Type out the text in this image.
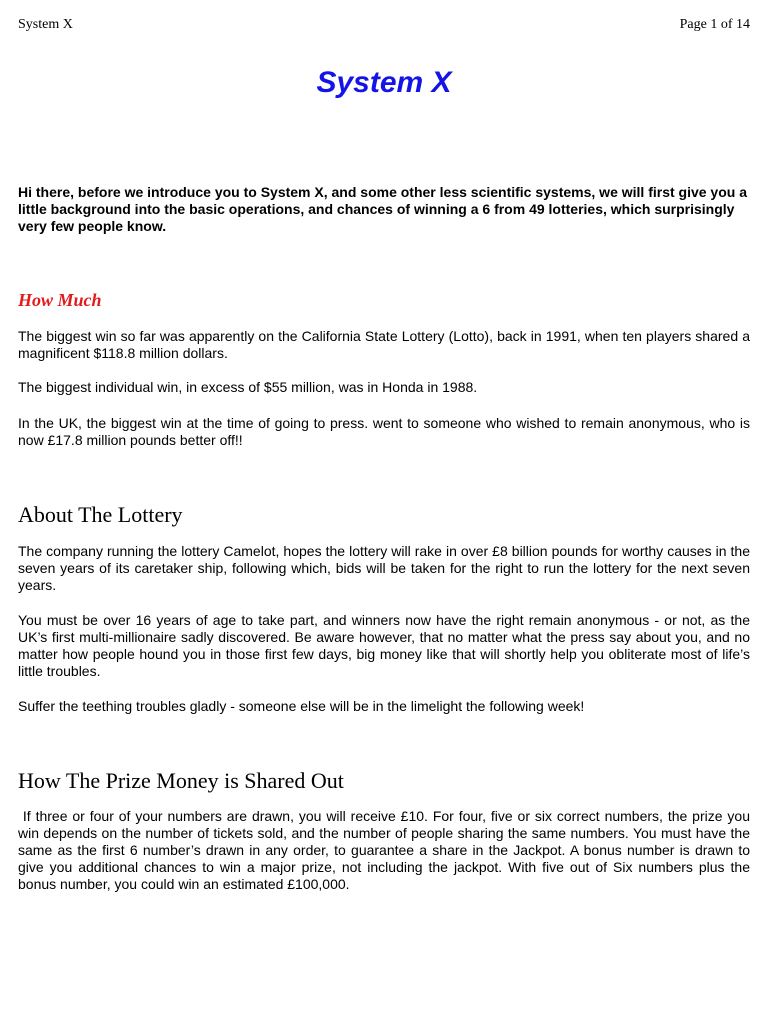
System X	Page 1 of 14
System X

Hi there, before we introduce you to System X, and some other less scientific systems, we will first give you a little background into the basic operations, and chances of winning a 6 from 49 lotteries, which surprisingly very few people know.

How Much

The biggest win so far was apparently on the California State Lottery (Lotto), back in 1991, when ten players shared a magnificent $118.8 million dollars.

The biggest individual win, in excess of $55 million, was in Honda in 1988.

In the UK, the biggest win at the time of going to press. went to someone who wished to remain anonymous, who is now £17.8 million pounds better off!!

About The Lottery

The company running the lottery Camelot, hopes the lottery will rake in over £8 billion pounds for worthy causes in the seven years of its caretaker ship, following which, bids will be taken for the right to run the lottery for the next seven years.

You must be over 16 years of age to take part, and winners now have the right remain anonymous - or not, as the UK’s first multi-millionaire sadly discovered. Be aware however, that no matter what the press say about you, and no matter how people hound you in those first few days, big money like that will shortly help you obliterate most of life’s little troubles.

Suffer the teething troubles gladly - someone else will be in the limelight the following week!

How The Prize Money is Shared Out

If three or four of your numbers are drawn, you will receive £10. For four, five or six correct numbers, the prize you win depends on the number of tickets sold, and the number of people sharing the same numbers. You must have the same as the first 6 number’s drawn in any order, to guarantee a share in the Jackpot. A bonus number is drawn to give you additional chances to win a major prize, not including the jackpot. With five out of Six numbers plus the bonus number, you could win an estimated £100,000.
